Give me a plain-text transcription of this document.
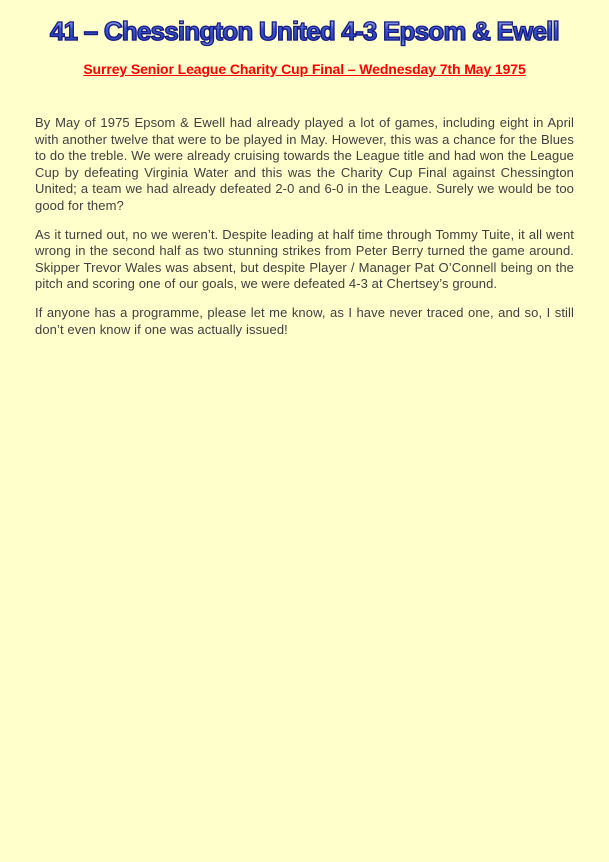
41 – Chessington United 4-3 Epsom & Ewell
Surrey Senior League Charity Cup Final – Wednesday 7th May 1975

By May of 1975 Epsom & Ewell had already played a lot of games, including eight in April with another twelve that were to be played in May. However, this was a chance for the Blues to do the treble. We were already cruising towards the League title and had won the League Cup by defeating Virginia Water and this was the Charity Cup Final against Chessington United; a team we had already defeated 2-0 and 6-0 in the League. Surely we would be too good for them?

As it turned out, no we weren’t. Despite leading at half time through Tommy Tuite, it all went wrong in the second half as two stunning strikes from Peter Berry turned the game around. Skipper Trevor Wales was absent, but despite Player / Manager Pat O’Connell being on the pitch and scoring one of our goals, we were defeated 4-3 at Chertsey’s ground.

If anyone has a programme, please let me know, as I have never traced one, and so, I still don’t even know if one was actually issued!
